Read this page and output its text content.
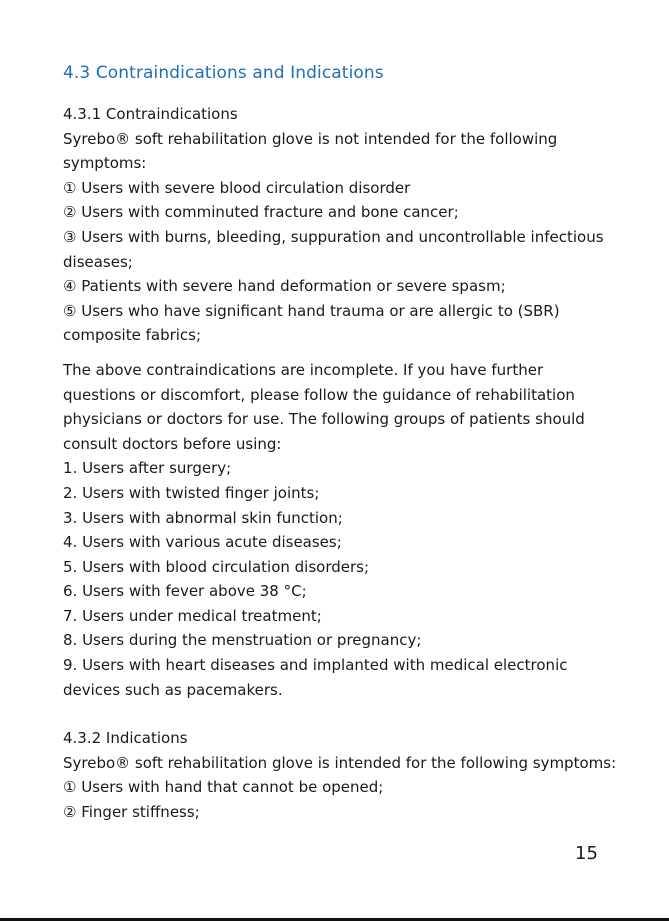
4.3 Contraindications and Indications
4.3.1 Contraindications
Syrebo® soft rehabilitation glove is not intended for the following
symptoms:
① Users with severe blood circulation disorder
② Users with comminuted fracture and bone cancer;
③ Users with burns, bleeding, suppuration and uncontrollable infectious
diseases;
④ Patients with severe hand deformation or severe spasm;
⑤ Users who have significant hand trauma or are allergic to (SBR)
composite fabrics;
The above contraindications are incomplete. If you have further
questions or discomfort, please follow the guidance of rehabilitation
physicians or doctors for use. The following groups of patients should
consult doctors before using:
1. Users after surgery;
2. Users with twisted finger joints;
3. Users with abnormal skin function;
4. Users with various acute diseases;
5. Users with blood circulation disorders;
6. Users with fever above 38 °C;
7. Users under medical treatment;
8. Users during the menstruation or pregnancy;
9. Users with heart diseases and implanted with medical electronic
devices such as pacemakers.
4.3.2 Indications
Syrebo® soft rehabilitation glove is intended for the following symptoms:
① Users with hand that cannot be opened;
② Finger stiffness;
15
